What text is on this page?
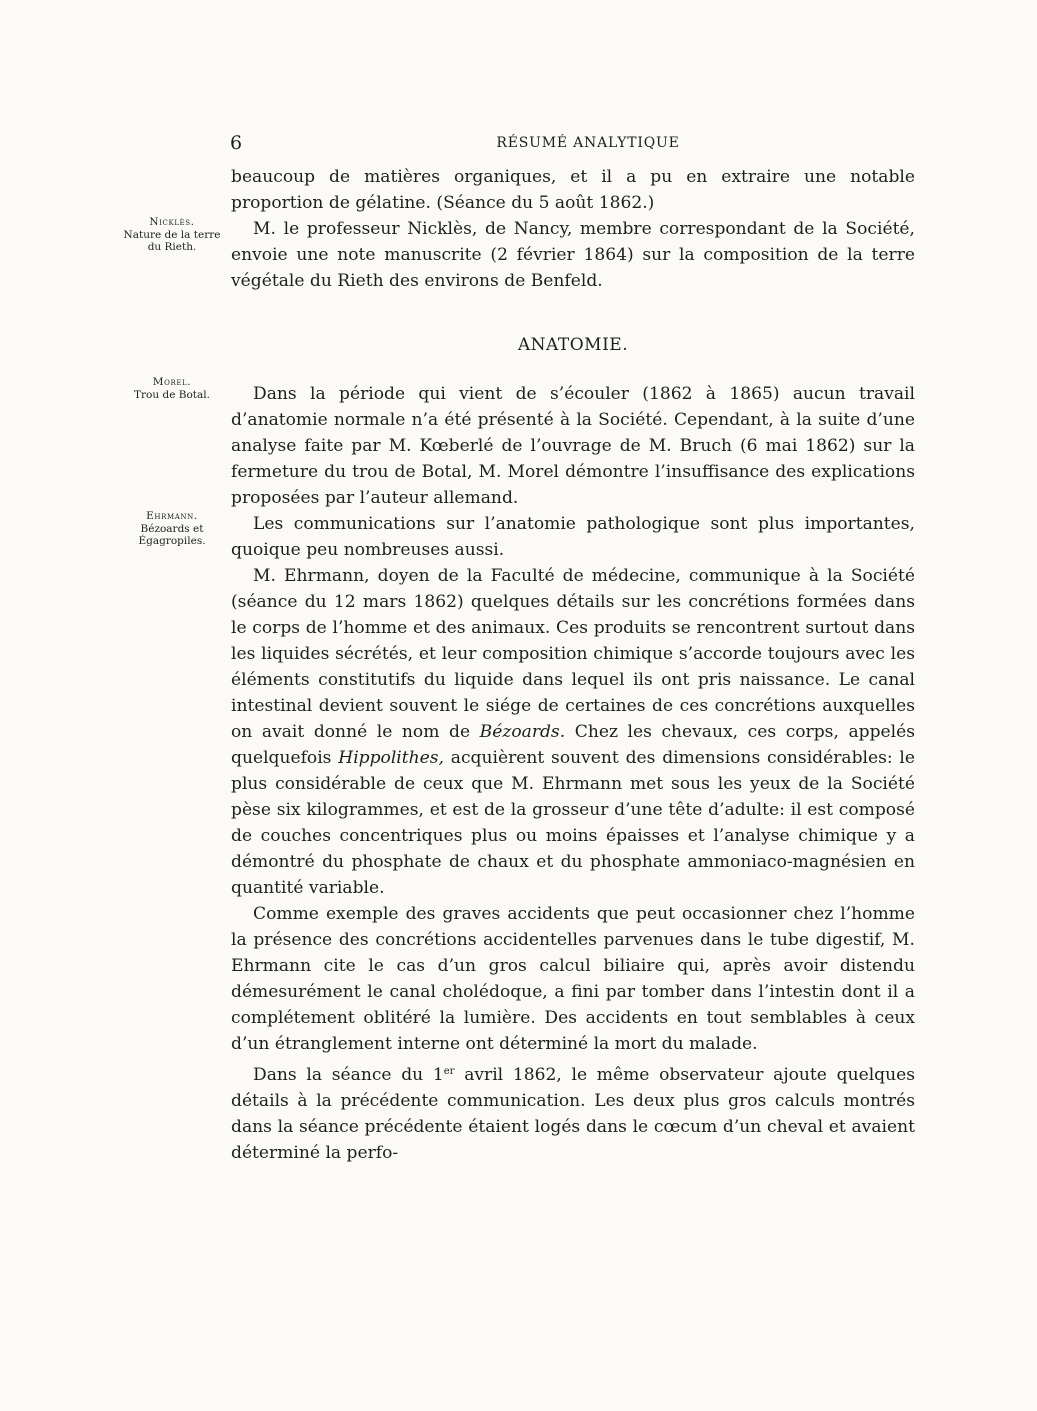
6	RÉSUMÉ ANALYTIQUE
Nicklès.
Nature de la terre du Rieth.
Morel.
Trou de Botal.
Ehrmann.
Bézoards et Égagropiles.

beaucoup de matières organiques, et il a pu en extraire une notable proportion de gélatine. (Séance du 5 août 1862.)

M. le professeur Nicklès, de Nancy, membre correspondant de la Société, envoie une note manuscrite (2 février 1864) sur la composition de la terre végétale du Rieth des environs de Benfeld.

ANATOMIE.

Dans la période qui vient de s’écouler (1862 à 1865) aucun travail d’anatomie normale n’a été présenté à la Société. Cependant, à la suite d’une analyse faite par M. Kœberlé de l’ouvrage de M. Bruch (6 mai 1862) sur la fermeture du trou de Botal, M. Morel démontre l’insuffisance des explications proposées par l’auteur allemand.

Les communications sur l’anatomie pathologique sont plus importantes, quoique peu nombreuses aussi.

M. Ehrmann, doyen de la Faculté de médecine, communique à la Société (séance du 12 mars 1862) quelques détails sur les concrétions formées dans le corps de l’homme et des animaux. Ces produits se rencontrent surtout dans les liquides sécrétés, et leur composition chimique s’accorde toujours avec les éléments constitutifs du liquide dans lequel ils ont pris naissance. Le canal intestinal devient souvent le siége de certaines de ces concrétions auxquelles on avait donné le nom de Bézoards. Chez les chevaux, ces corps, appelés quelquefois Hippolithes, acquièrent souvent des dimensions considérables: le plus considérable de ceux que M. Ehrmann met sous les yeux de la Société pèse six kilogrammes, et est de la grosseur d’une tête d’adulte: il est composé de couches concentriques plus ou moins épaisses et l’analyse chimique y a démontré du phosphate de chaux et du phosphate ammoniaco-magnésien en quantité variable.

Comme exemple des graves accidents que peut occasionner chez l’homme la présence des concrétions accidentelles parvenues dans le tube digestif, M. Ehrmann cite le cas d’un gros calcul biliaire qui, après avoir distendu démesurément le canal cholédoque, a fini par tomber dans l’intestin dont il a complétement oblitéré la lumière. Des accidents en tout semblables à ceux d’un étranglement interne ont déterminé la mort du malade.

Dans la séance du 1er avril 1862, le même observateur ajoute quelques détails à la précédente communication. Les deux plus gros calculs montrés dans la séance précédente étaient logés dans le cœcum d’un cheval et avaient déterminé la perfo-
